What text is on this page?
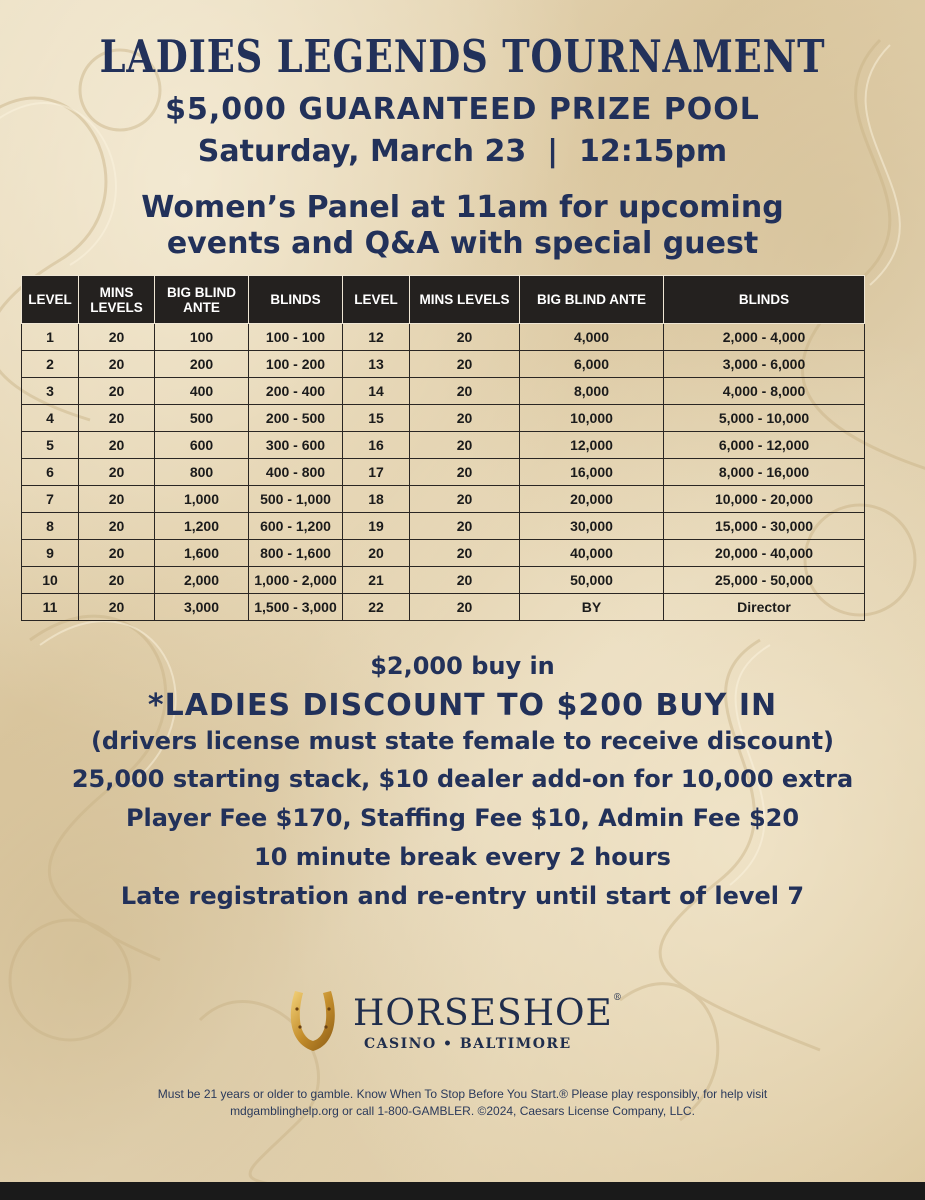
LADIES LEGENDS TOURNAMENT
$5,000 GUARANTEED PRIZE POOL
Saturday, March 23  |  12:15pm
Women’s Panel at 11am for upcoming
events and Q&A with special guest
LEVEL	MINS LEVELS	BIG BLIND ANTE	BLINDS	LEVEL	MINS LEVELS	BIG BLIND ANTE	BLINDS
1	20	100	100 - 100	12	20	4,000	2,000 - 4,000
2	20	200	100 - 200	13	20	6,000	3,000 - 6,000
3	20	400	200 - 400	14	20	8,000	4,000 - 8,000
4	20	500	200 - 500	15	20	10,000	5,000 - 10,000
5	20	600	300 - 600	16	20	12,000	6,000 - 12,000
6	20	800	400 - 800	17	20	16,000	8,000 - 16,000
7	20	1,000	500 - 1,000	18	20	20,000	10,000 - 20,000
8	20	1,200	600 - 1,200	19	20	30,000	15,000 - 30,000
9	20	1,600	800 - 1,600	20	20	40,000	20,000 - 40,000
10	20	2,000	1,000 - 2,000	21	20	50,000	25,000 - 50,000
11	20	3,000	1,500 - 3,000	22	20	BY	Director
$2,000 buy in
*LADIES DISCOUNT TO $200 BUY IN
(drivers license must state female to receive discount)
25,000 starting stack, $10 dealer add-on for 10,000 extra
Player Fee $170, Staffing Fee $10, Admin Fee $20
10 minute break every 2 hours
Late registration and re-entry until start of level 7
HORSESHOE®
CASINO • BALTIMORE
Must be 21 years or older to gamble. Know When To Stop Before You Start.® Please play responsibly, for help visit
mdgamblinghelp.org or call 1-800-GAMBLER. ©2024, Caesars License Company, LLC.
